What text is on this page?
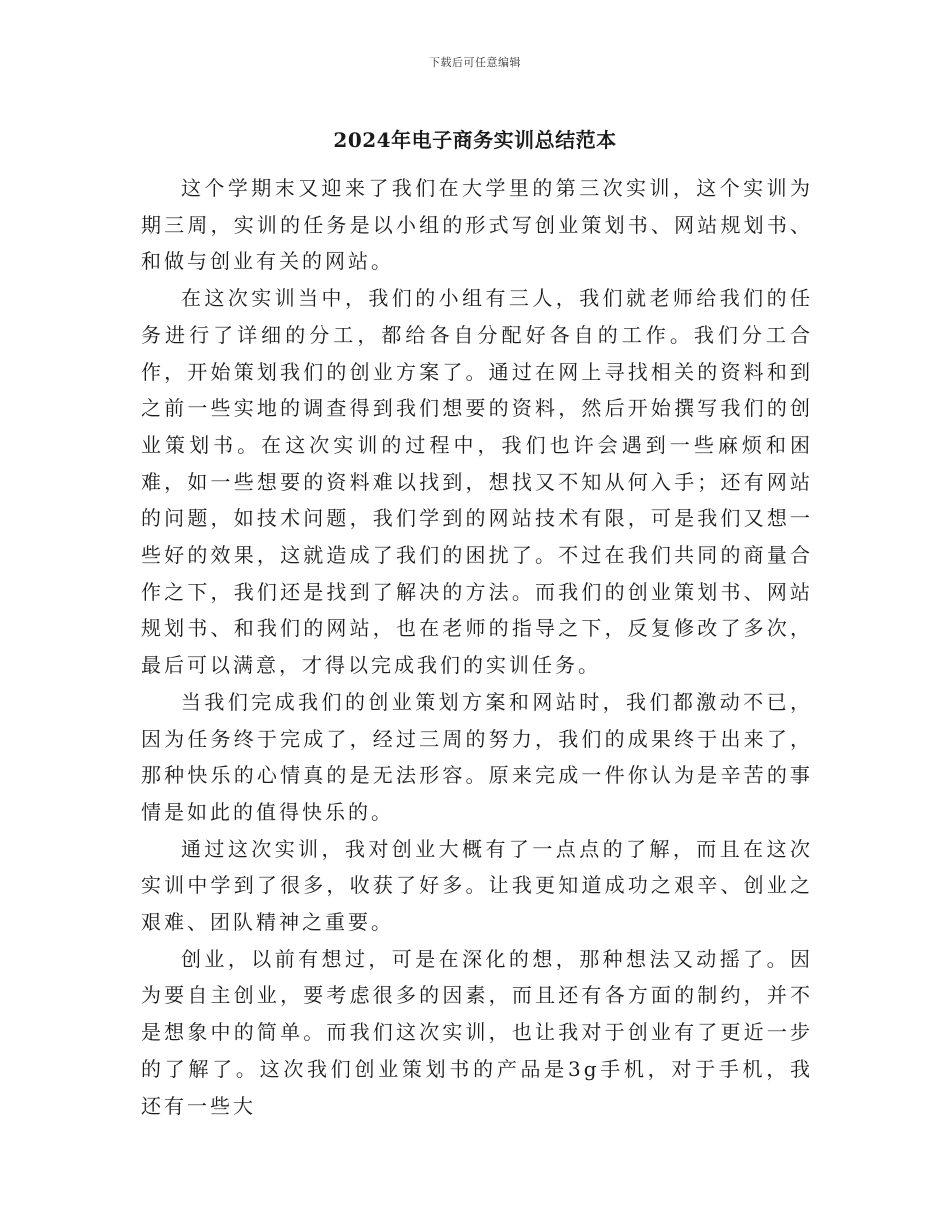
下载后可任意编辑
2024年电子商务实训总结范本

这个学期末又迎来了我们在大学里的第三次实训，这个实训为期三周，实训的任务是以小组的形式写创业策划书、网站规划书、和做与创业有关的网站。

在这次实训当中，我们的小组有三人，我们就老师给我们的任务进行了详细的分工，都给各自分配好各自的工作。我们分工合作，开始策划我们的创业方案了。通过在网上寻找相关的资料和到之前一些实地的调查得到我们想要的资料，然后开始撰写我们的创业策划书。在这次实训的过程中，我们也许会遇到一些麻烦和困难，如一些想要的资料难以找到，想找又不知从何入手；还有网站的问题，如技术问题，我们学到的网站技术有限，可是我们又想一些好的效果，这就造成了我们的困扰了。不过在我们共同的商量合作之下，我们还是找到了解决的方法。而我们的创业策划书、网站规划书、和我们的网站，也在老师的指导之下，反复修改了多次，最后可以满意，才得以完成我们的实训任务。

当我们完成我们的创业策划方案和网站时，我们都激动不已，因为任务终于完成了，经过三周的努力，我们的成果终于出来了，那种快乐的心情真的是无法形容。原来完成一件你认为是辛苦的事情是如此的值得快乐的。

通过这次实训，我对创业大概有了一点点的了解，而且在这次实训中学到了很多，收获了好多。让我更知道成功之艰辛、创业之艰难、团队精神之重要。

创业，以前有想过，可是在深化的想，那种想法又动摇了。因为要自主创业，要考虑很多的因素，而且还有各方面的制约，并不是想象中的简单。而我们这次实训，也让我对于创业有了更近一步的了解了。这次我们创业策划书的产品是3g手机，对于手机，我还有一些大
